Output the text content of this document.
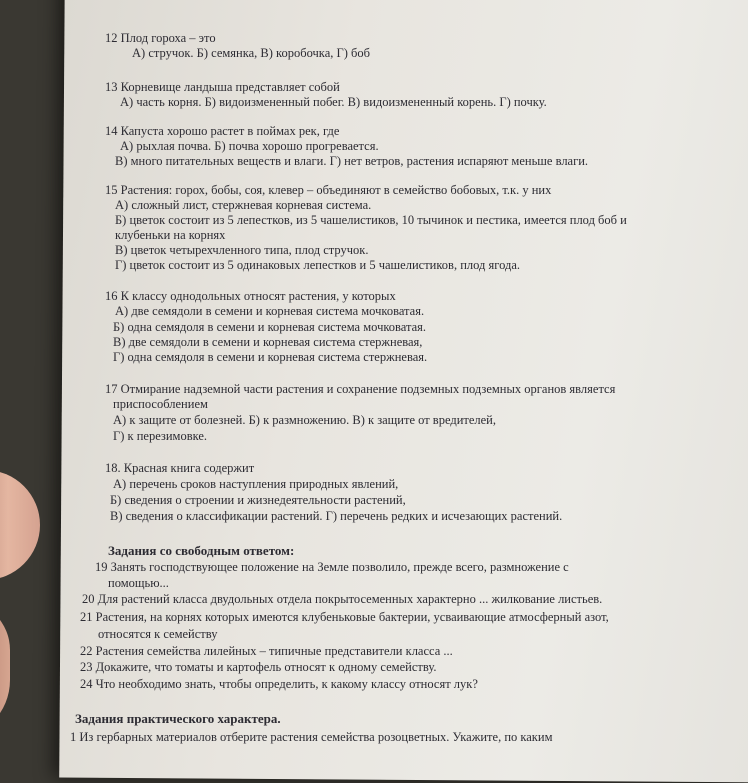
12 Плод гороха – это
А) стручок. Б) семянка, В) коробочка, Г) боб
13 Корневище ландыша представляет собой
А) часть корня. Б) видоизмененный побег. В) видоизмененный корень. Г) почку.
14 Капуста хорошо растет в поймах рек, где
А) рыхлая почва. Б) почва хорошо прогревается.
В) много питательных веществ и влаги. Г) нет ветров, растения испаряют меньше влаги.
15 Растения: горох, бобы, соя, клевер – объединяют в семейство бобовых, т.к. у них
А) сложный лист, стержневая корневая система.
Б) цветок состоит из 5 лепестков, из 5 чашелистиков, 10 тычинок и пестика, имеется плод боб и
клубеньки на корнях
В) цветок четырехчленного типа, плод стручок.
Г) цветок состоит из 5 одинаковых лепестков и 5 чашелистиков, плод ягода.
16 К классу однодольных относят растения, у которых
А) две семядоли в семени и корневая система мочковатая.
Б) одна семядоля в семени и корневая система мочковатая.
В) две семядоли в семени и корневая система стержневая,
Г) одна семядоля в семени и корневая система стержневая.
17 Отмирание надземной части растения и сохранение подземных подземных органов является
приспособлением
А) к защите от болезней. Б) к размножению. В) к защите от вредителей,
Г) к перезимовке.
18. Красная книга содержит
А) перечень сроков наступления природных явлений,
Б) сведения о строении и жизнедеятельности растений,
В) сведения о классификации растений. Г) перечень редких и исчезающих растений.
Задания со свободным ответом:
19 Занять господствующее положение на Земле позволило, прежде всего, размножение с
помощью...
20 Для растений класса двудольных отдела покрытосеменных характерно ... жилкование листьев.
21 Растения, на корнях которых имеются клубеньковые бактерии, усваивающие атмосферный азот,
относятся к семейству
22 Растения семейства лилейных – типичные представители класса ...
23 Докажите, что томаты и картофель относят к одному семейству.
24 Что необходимо знать, чтобы определить, к какому классу относят лук?
Задания практического характера.
1 Из гербарных материалов отберите растения семейства розоцветных. Укажите, по каким
